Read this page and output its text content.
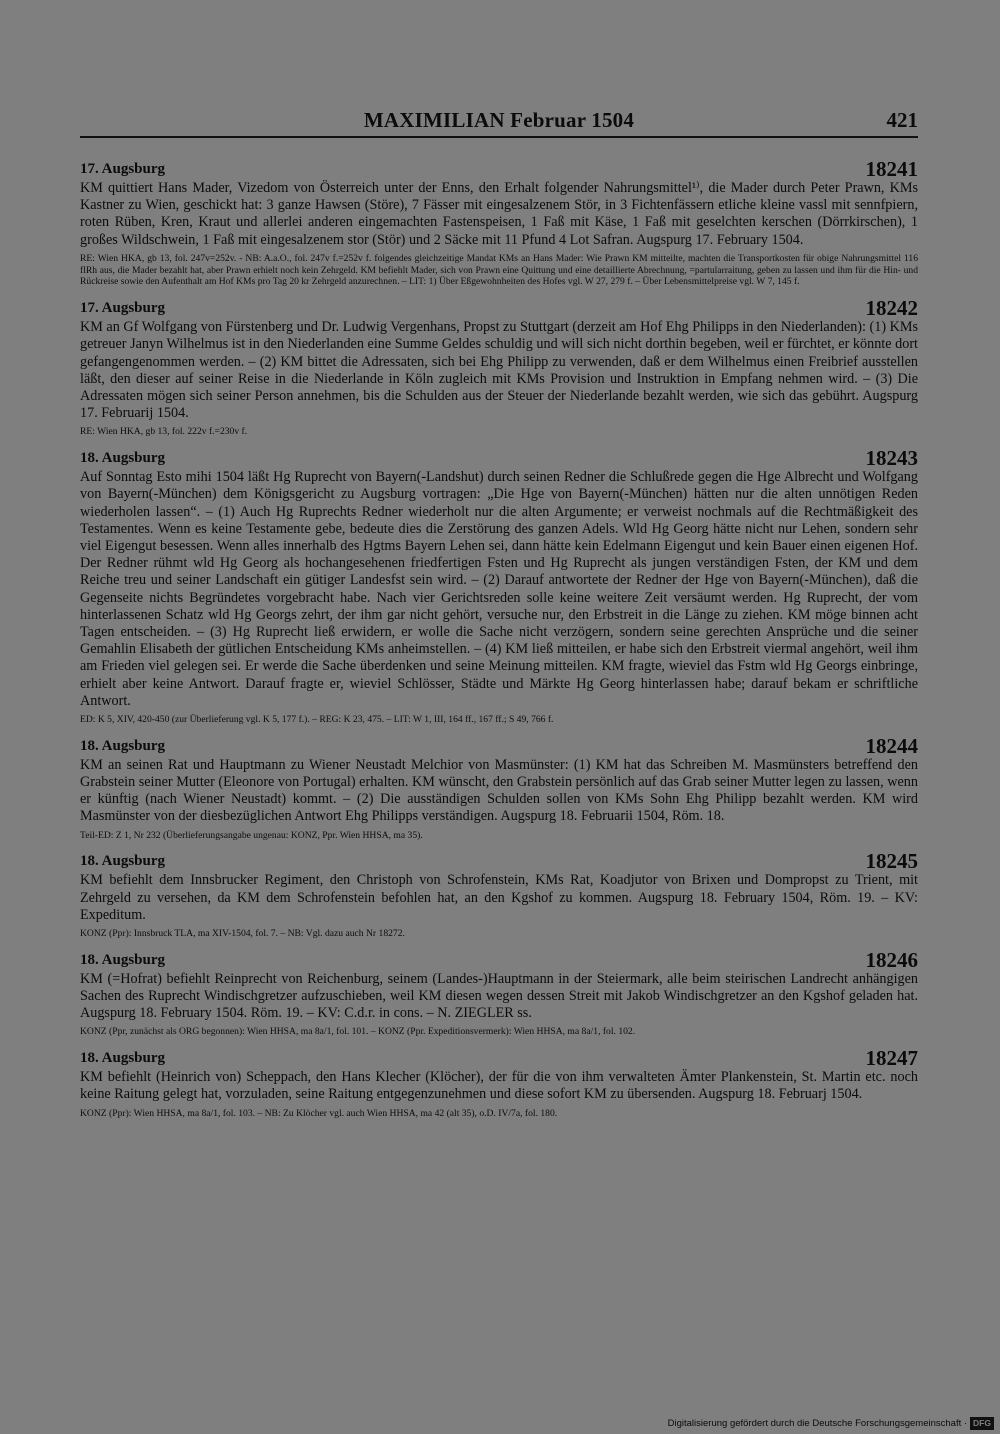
MAXIMILIAN Februar 1504	421
17. Augsburg	18241
KM quittiert Hans Mader, Vizedom von Österreich unter der Enns, den Erhalt folgender Nahrungsmittel¹⁾, die Mader durch Peter Prawn, KMs Kastner zu Wien, geschickt hat: 3 ganze Hawsen (Störe), 7 Fässer mit eingesalzenem Stör, in 3 Fichtenfässern etliche kleine vassl mit sennfpiern, roten Rüben, Kren, Kraut und allerlei anderen eingemachten Fastenspeisen, 1 Faß mit Käse, 1 Faß mit geselchten kerschen (Dörrkirschen), 1 großes Wildschwein, 1 Faß mit eingesalzenem stor (Stör) und 2 Säcke mit 11 Pfund 4 Lot Safran. Augspurg 17. February 1504.
RE: Wien HKA, gb 13, fol. 247v=252v. - NB: A.a.O., fol. 247v f.=252v f. folgendes gleichzeitige Mandat KMs an Hans Mader: Wie Prawn KM mitteilte, machten die Transportkosten für obige Nahrungsmittel 116 flRh aus, die Mader bezahlt hat, aber Prawn erhielt noch kein Zehrgeld. KM befiehlt Mader, sich von Prawn eine Quittung und eine detaillierte Abrechnung, =partularraitung, geben zu lassen und ihm für die Hin- und Rückreise sowie den Aufenthalt am Hof KMs pro Tag 20 kr Zehrgeld anzurechnen. – LIT: 1) Über Eßgewohnheiten des Hofes vgl. W 27, 279 f. – Über Lebensmittelpreise vgl. W 7, 145 f.
17. Augsburg	18242
KM an Gf Wolfgang von Fürstenberg und Dr. Ludwig Vergenhans, Propst zu Stuttgart (derzeit am Hof Ehg Philipps in den Niederlanden): (1) KMs getreuer Janyn Wilhelmus ist in den Niederlanden eine Summe Geldes schuldig und will sich nicht dorthin begeben, weil er fürchtet, er könnte dort gefangengenommen werden. – (2) KM bittet die Adressaten, sich bei Ehg Philipp zu verwenden, daß er dem Wilhelmus einen Freibrief ausstellen läßt, den dieser auf seiner Reise in die Niederlande in Köln zugleich mit KMs Provision und Instruktion in Empfang nehmen wird. – (3) Die Adressaten mögen sich seiner Person annehmen, bis die Schulden aus der Steuer der Niederlande bezahlt werden, wie sich das gebührt. Augspurg 17. Februarij 1504.
RE: Wien HKA, gb 13, fol. 222v f.=230v f.
18. Augsburg	18243
Auf Sonntag Esto mihi 1504 läßt Hg Ruprecht von Bayern(-Landshut) durch seinen Redner die Schlußrede gegen die Hge Albrecht und Wolfgang von Bayern(-München) dem Königsgericht zu Augsburg vortragen: „Die Hge von Bayern(-München) hätten nur die alten unnötigen Reden wiederholen lassen“. – (1) Auch Hg Ruprechts Redner wiederholt nur die alten Argumente; er verweist nochmals auf die Rechtmäßigkeit des Testamentes. Wenn es keine Testamente gebe, bedeute dies die Zerstörung des ganzen Adels. Wld Hg Georg hätte nicht nur Lehen, sondern sehr viel Eigengut besessen. Wenn alles innerhalb des Hgtms Bayern Lehen sei, dann hätte kein Edelmann Eigengut und kein Bauer einen eigenen Hof. Der Redner rühmt wld Hg Georg als hochangesehenen friedfertigen Fsten und Hg Ruprecht als jungen verständigen Fsten, der KM und dem Reiche treu und seiner Landschaft ein gütiger Landesfst sein wird. – (2) Darauf antwortete der Redner der Hge von Bayern(-München), daß die Gegenseite nichts Begründetes vorgebracht habe. Nach vier Gerichtsreden solle keine weitere Zeit versäumt werden. Hg Ruprecht, der vom hinterlassenen Schatz wld Hg Georgs zehrt, der ihm gar nicht gehört, versuche nur, den Erbstreit in die Länge zu ziehen. KM möge binnen acht Tagen entscheiden. – (3) Hg Ruprecht ließ erwidern, er wolle die Sache nicht verzögern, sondern seine gerechten Ansprüche und die seiner Gemahlin Elisabeth der gütlichen Entscheidung KMs anheimstellen. – (4) KM ließ mitteilen, er habe sich den Erbstreit viermal angehört, weil ihm am Frieden viel gelegen sei. Er werde die Sache überdenken und seine Meinung mitteilen. KM fragte, wieviel das Fstm wld Hg Georgs einbringe, erhielt aber keine Antwort. Darauf fragte er, wieviel Schlösser, Städte und Märkte Hg Georg hinterlassen habe; darauf bekam er schriftliche Antwort.
ED: K 5, XIV, 420-450 (zur Überlieferung vgl. K 5, 177 f.). – REG: K 23, 475. – LIT: W 1, III, 164 ff., 167 ff.; S 49, 766 f.
18. Augsburg	18244
KM an seinen Rat und Hauptmann zu Wiener Neustadt Melchior von Masmünster: (1) KM hat das Schreiben M. Masmünsters betreffend den Grabstein seiner Mutter (Eleonore von Portugal) erhalten. KM wünscht, den Grabstein persönlich auf das Grab seiner Mutter legen zu lassen, wenn er künftig (nach Wiener Neustadt) kommt. – (2) Die ausständigen Schulden sollen von KMs Sohn Ehg Philipp bezahlt werden. KM wird Masmünster von der diesbezüglichen Antwort Ehg Philipps verständigen. Augspurg 18. Februarii 1504, Röm. 18.
Teil-ED: Z 1, Nr 232 (Überlieferungsangabe ungenau: KONZ, Ppr. Wien HHSA, ma 35).
18. Augsburg	18245
KM befiehlt dem Innsbrucker Regiment, den Christoph von Schrofenstein, KMs Rat, Koadjutor von Brixen und Dompropst zu Trient, mit Zehrgeld zu versehen, da KM dem Schrofenstein befohlen hat, an den Kgshof zu kommen. Augspurg 18. February 1504, Röm. 19. – KV: Expeditum.
KONZ (Ppr): Innsbruck TLA, ma XIV-1504, fol. 7. – NB: Vgl. dazu auch Nr 18272.
18. Augsburg	18246
KM (=Hofrat) befiehlt Reinprecht von Reichenburg, seinem (Landes-)Hauptmann in der Steiermark, alle beim steirischen Landrecht anhängigen Sachen des Ruprecht Windischgretzer aufzuschieben, weil KM diesen wegen dessen Streit mit Jakob Windischgretzer an den Kgshof geladen hat. Augspurg 18. February 1504. Röm. 19. – KV: C.d.r. in cons. – N. ZIEGLER ss.
KONZ (Ppr, zunächst als ORG begonnen): Wien HHSA, ma 8a/1, fol. 101. – KONZ (Ppr. Expeditionsvermerk): Wien HHSA, ma 8a/1, fol. 102.
18. Augsburg	18247
KM befiehlt (Heinrich von) Scheppach, den Hans Klecher (Klöcher), der für die von ihm verwalteten Ämter Plankenstein, St. Martin etc. noch keine Raitung gelegt hat, vorzuladen, seine Raitung entgegenzunehmen und diese sofort KM zu übersenden. Augspurg 18. Februarj 1504.
KONZ (Ppr): Wien HHSA, ma 8a/1, fol. 103. – NB: Zu Klöcher vgl. auch Wien HHSA, ma 42 (alt 35), o.D. IV/7a, fol. 180.
Digitalisierung gefördert durch die Deutsche Forschungsgemeinschaft · DFG
